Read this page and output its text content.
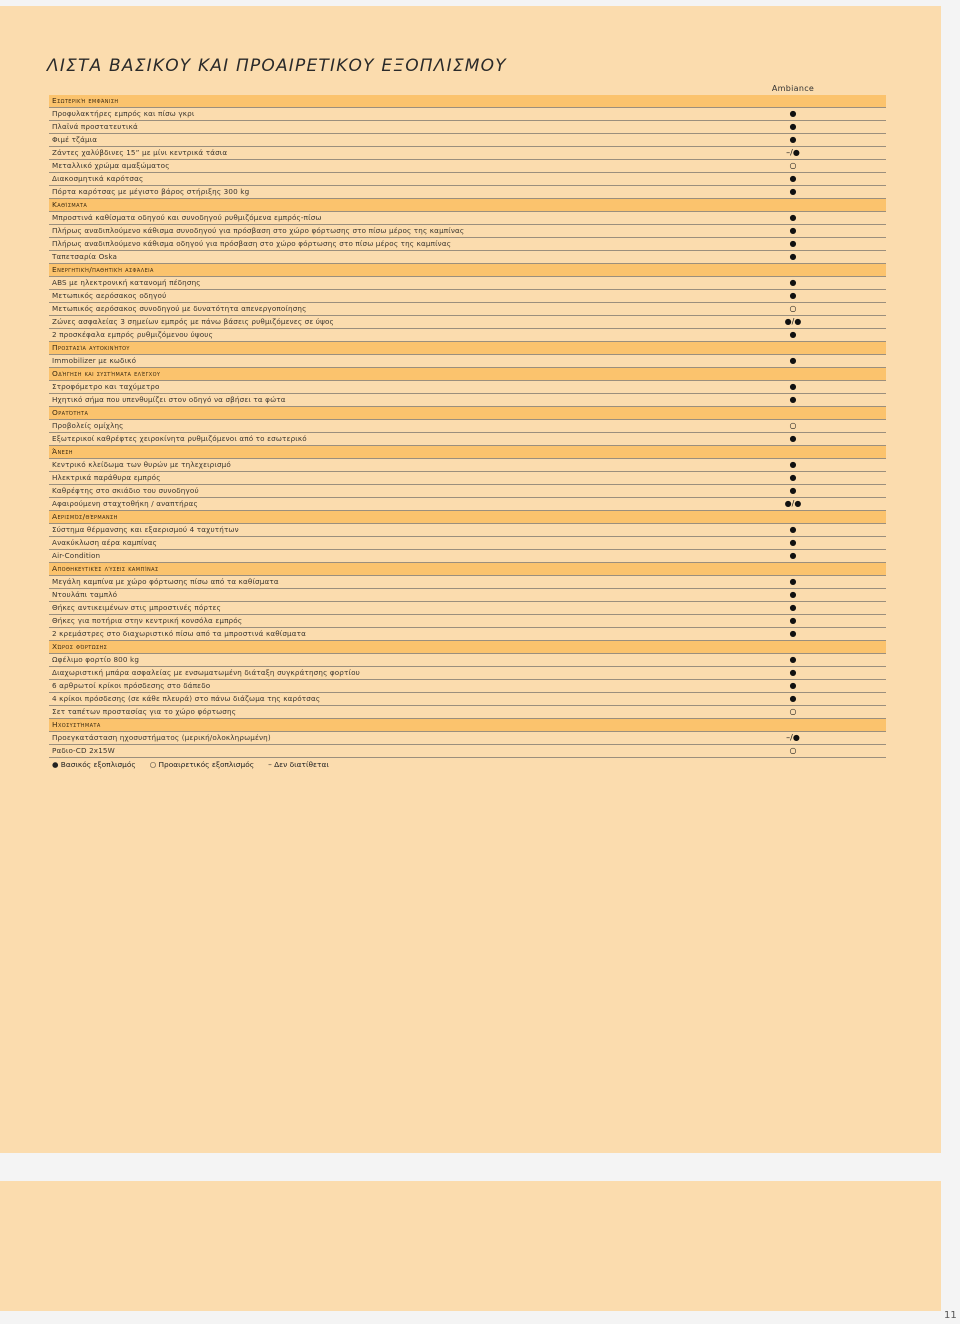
ΛΙΣΤΑ ΒΑΣΙΚΟΥ ΚΑΙ ΠΡΟΑΙΡΕΤΙΚΟΥ ΕΞΟΠΛΙΣΜΟΥ
Ambiance
Εσωτερική εμφάνιση
Προφυλακτήρες εμπρός και πίσω γκρι	●
Πλαϊνά προστατευτικά	●
Φιμέ τζάμια	●
Ζάντες χαλύβδινες 15” με μίνι κεντρικά τάσια	–/●
Μεταλλικό χρώμα αμαξώματος	○
Διακοσμητικά καρότσας	●
Πόρτα καρότσας με μέγιστο βάρος στήριξης 300 kg	●
Καθίσματα
Μπροστινά καθίσματα οδηγού και συνοδηγού ρυθμιζόμενα εμπρός-πίσω	●
Πλήρως αναδιπλούμενο κάθισμα συνοδηγού για πρόσβαση στο χώρο φόρτωσης στο πίσω μέρος της καμπίνας	●
Πλήρως αναδιπλούμενο κάθισμα οδηγού για πρόσβαση στο χώρο φόρτωσης στο πίσω μέρος της καμπίνας	●
Ταπετσαρία Oska	●
Ενεργητική/παθητική ασφάλεια
ABS με ηλεκτρονική κατανομή πέδησης	●
Μετωπικός αερόσακος οδηγού	●
Μετωπικός αερόσακος συνοδηγού με δυνατότητα απενεργοποίησης	○
Ζώνες ασφαλείας 3 σημείων εμπρός με πάνω βάσεις ρυθμιζόμενες σε ύψος	●/●
2 προσκέφαλα εμπρός ρυθμιζόμενου ύψους	●
Προστασία αυτοκινήτου
Immobilizer με κωδικό	●
Οδήγηση και συστήματα ελέγχου
Στροφόμετρο και ταχύμετρο	●
Ηχητικό σήμα που υπενθυμίζει στον οδηγό να σβήσει τα φώτα	●
Ορατότητα
Προβολείς ομίχλης	○
Εξωτερικοί καθρέφτες χειροκίνητα ρυθμιζόμενοι από το εσωτερικό	●
Άνεση
Κεντρικό κλείδωμα των θυρών με τηλεχειρισμό	●
Ηλεκτρικά παράθυρα εμπρός	●
Καθρέφτης στο σκιάδιο του συνοδηγού	●
Αφαιρούμενη σταχτοθήκη / αναπτήρας	●/●
Αερισμός/θέρμανση
Σύστημα θέρμανσης και εξαερισμού 4 ταχυτήτων	●
Ανακύκλωση αέρα καμπίνας	●
Air-Condition	●
Αποθηκευτικές λύσεις καμπίνας
Μεγάλη καμπίνα με χώρο φόρτωσης πίσω από τα καθίσματα	●
Ντουλάπι ταμπλό	●
Θήκες αντικειμένων στις μπροστινές πόρτες	●
Θήκες για ποτήρια στην κεντρική κονσόλα εμπρός	●
2 κρεμάστρες στο διαχωριστικό πίσω από τα μπροστινά καθίσματα	●
Χώρος φόρτωσης
Ωφέλιμο φορτίο 800 kg	●
Διαχωριστική μπάρα ασφαλείας με ενσωματωμένη διάταξη συγκράτησης φορτίου	●
6 αρθρωτοί κρίκοι πρόσδεσης στο δάπεδο	●
4 κρίκοι πρόσδεσης (σε κάθε πλευρά) στο πάνω διάζωμα της καρότσας	●
Σετ ταπέτων προστασίας για το χώρο φόρτωσης	○
Ηχοσυστήματα
Προεγκατάσταση ηχοσυστήματος (μερική/ολοκληρωμένη)	–/●
Ραδιο-CD 2x15W	○
● Βασικός εξοπλισμός ○ Προαιρετικός εξοπλισμός – Δεν διατίθεται
11
